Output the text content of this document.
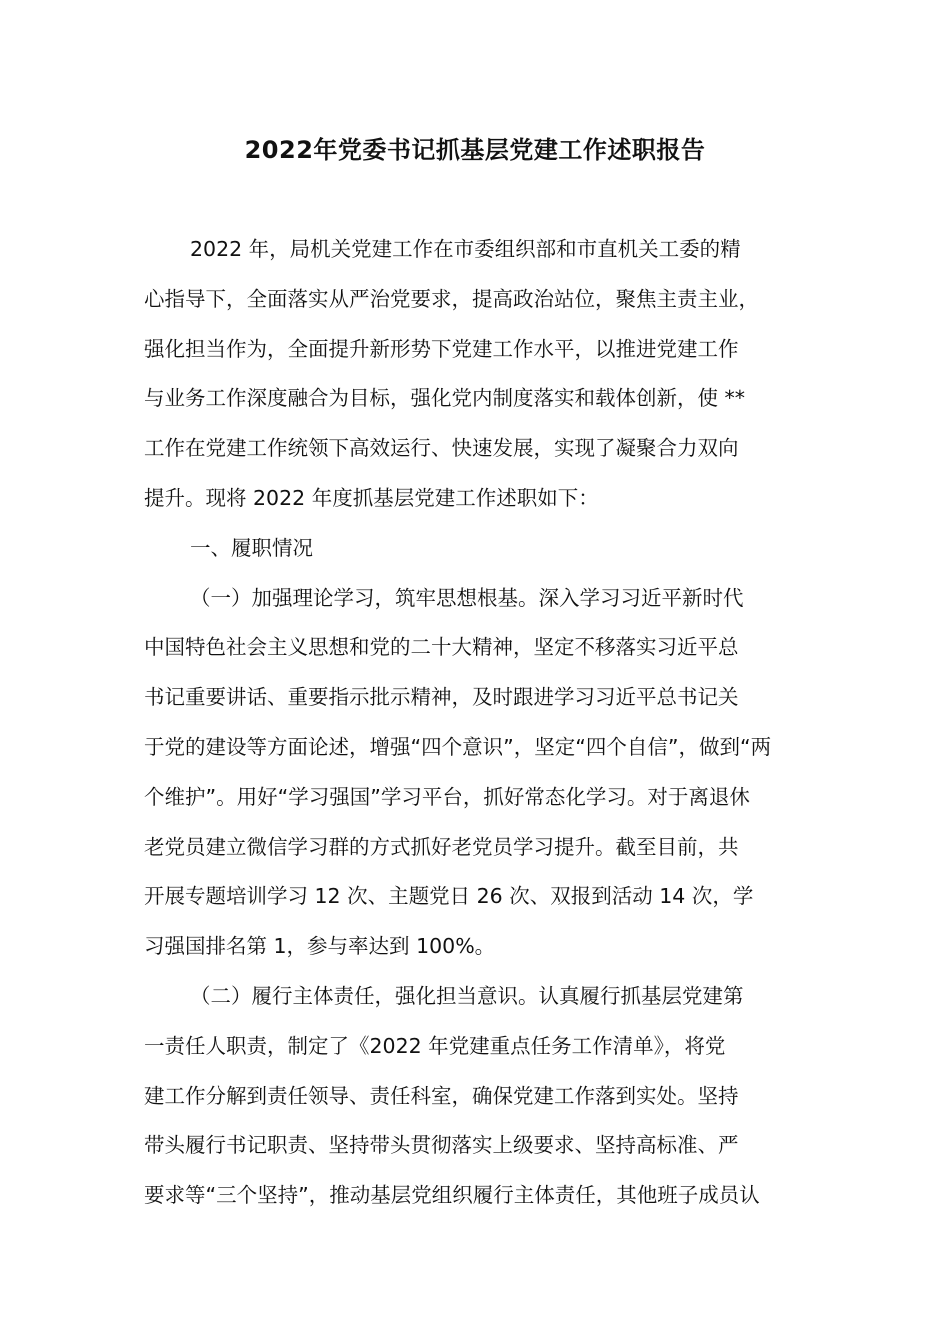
2022年党委书记抓基层党建工作述职报告

2022 年，局机关党建工作在市委组织部和市直机关工委的精

心指导下，全面落实从严治党要求，提高政治站位，聚焦主责主业，

强化担当作为，全面提升新形势下党建工作水平，以推进党建工作

与业务工作深度融合为目标，强化党内制度落实和载体创新，使 **

工作在党建工作统领下高效运行、快速发展，实现了凝聚合力双向

提升。现将 2022 年度抓基层党建工作述职如下：

一、履职情况

（一）加强理论学习，筑牢思想根基。深入学习习近平新时代

中国特色社会主义思想和党的二十大精神，坚定不移落实习近平总

书记重要讲话、重要指示批示精神，及时跟进学习习近平总书记关

于党的建设等方面论述，增强“四个意识”，坚定“四个自信”，做到“两

个维护”。用好“学习强国”学习平台，抓好常态化学习。对于离退休

老党员建立微信学习群的方式抓好老党员学习提升。截至目前，共

开展专题培训学习 12 次、主题党日 26 次、双报到活动 14 次，学

习强国排名第 1，参与率达到 100%。

（二）履行主体责任，强化担当意识。认真履行抓基层党建第

一责任人职责，制定了《2022 年党建重点任务工作清单》，将党

建工作分解到责任领导、责任科室，确保党建工作落到实处。坚持

带头履行书记职责、坚持带头贯彻落实上级要求、坚持高标准、严

要求等“三个坚持”，推动基层党组织履行主体责任，其他班子成员认
